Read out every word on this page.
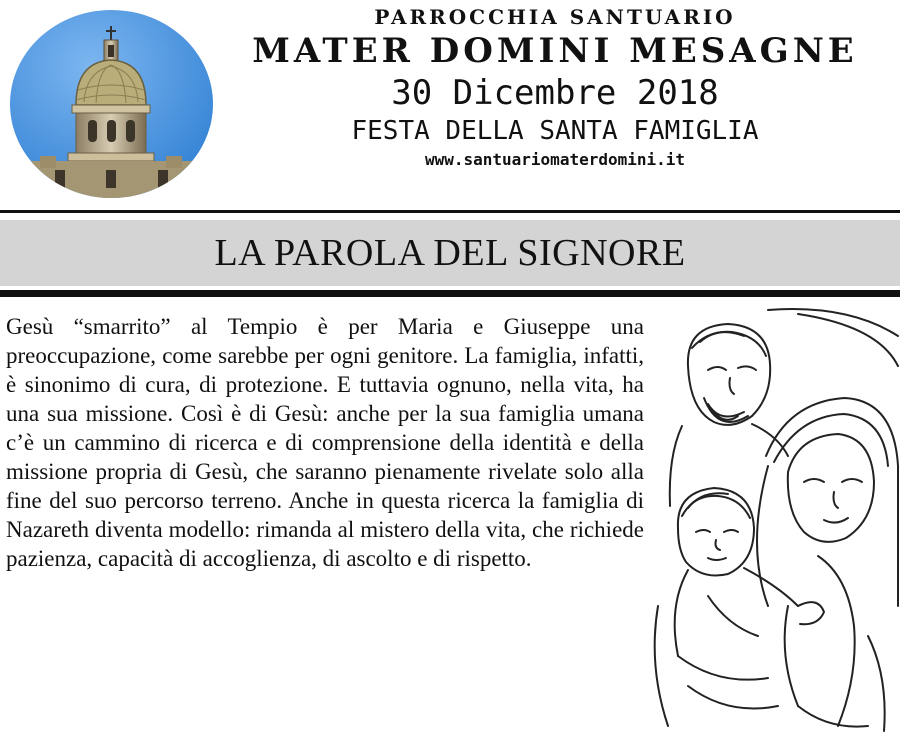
PARROCCHIA SANTUARIO
MATER DOMINI MESAGNE
30 Dicembre 2018
FESTA DELLA SANTA FAMIGLIA
www.santuariomaterdomini.it
LA PAROLA DEL SIGNORE

Gesù “smarrito” al Tempio è per Maria e Giuseppe una preoccupazione, come sarebbe per ogni genitore. La famiglia, infatti, è sinonimo di cura, di protezione. E tuttavia ognuno, nella vita, ha una sua missione. Così è di Gesù: anche per la sua famiglia umana c’è un cammino di ricerca e di comprensione della identità e della missione propria di Gesù, che saranno pienamente rivelate solo alla fine del suo percorso terreno. Anche in questa ricerca la famiglia di Nazareth diventa modello: rimanda al mistero della vita, che richiede pazienza, capacità di accoglienza, di ascolto e di rispetto.
